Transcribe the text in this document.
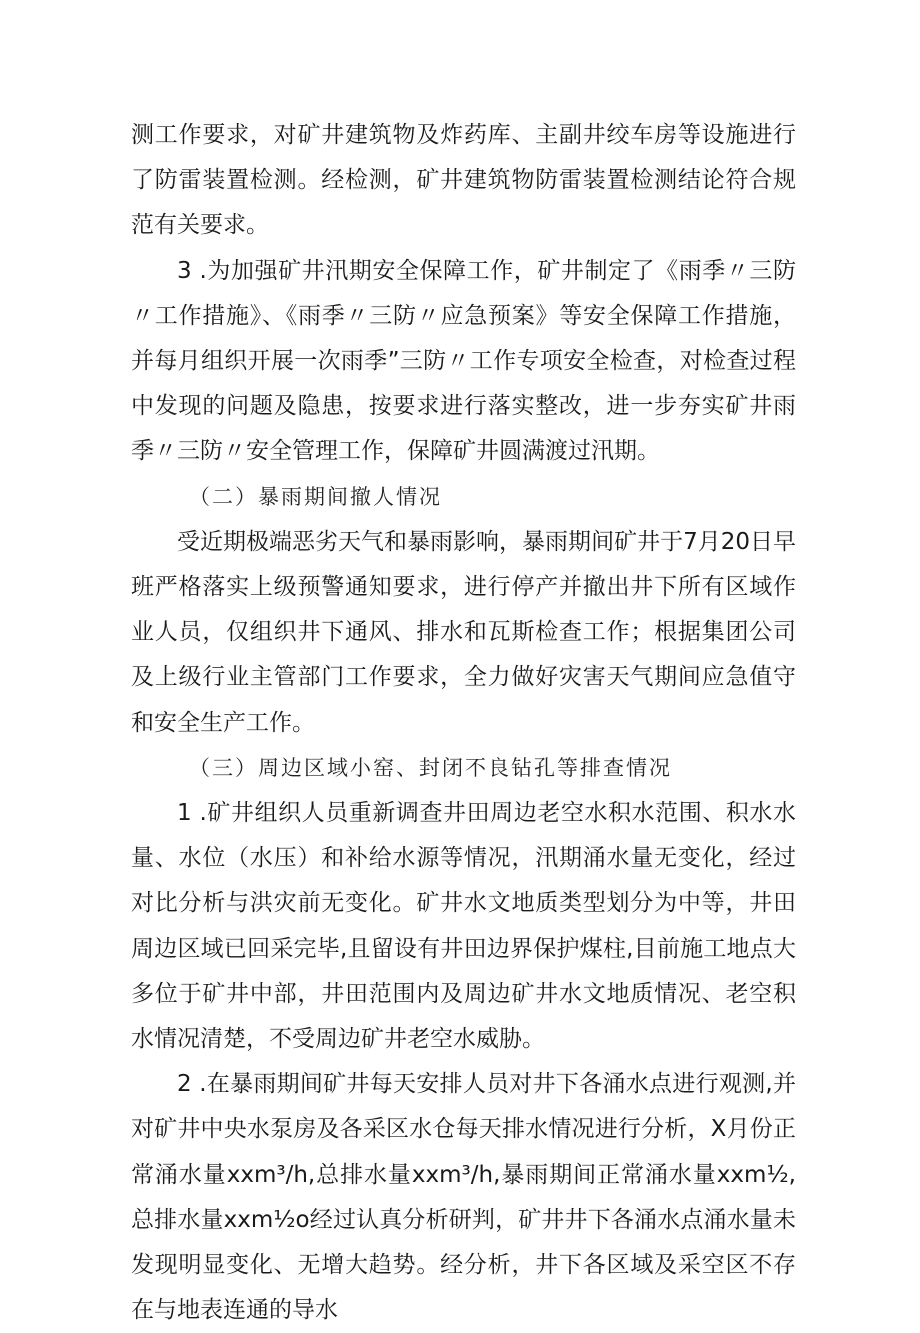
测工作要求，对矿井建筑物及炸药库、主副井绞车房等设施进行了防雷装置检测。经检测，矿井建筑物防雷装置检测结论符合规范有关要求。

3 .为加强矿井汛期安全保障工作，矿井制定了《雨季〃三防〃工作措施》、《雨季〃三防〃应急预案》等安全保障工作措施，并每月组织开展一次雨季”三防〃工作专项安全检查，对检查过程中发现的问题及隐患，按要求进行落实整改，进一步夯实矿井雨季〃三防〃安全管理工作，保障矿井圆满渡过汛期。

（二）暴雨期间撤人情况

受近期极端恶劣天气和暴雨影响，暴雨期间矿井于7月20日早班严格落实上级预警通知要求，进行停产并撤出井下所有区域作业人员，仅组织井下通风、排水和瓦斯检查工作；根据集团公司及上级行业主管部门工作要求，全力做好灾害天气期间应急值守和安全生产工作。

（三）周边区域小窑、封闭不良钻孔等排查情况

1 .矿井组织人员重新调查井田周边老空水积水范围、积水水量、水位（水压）和补给水源等情况，汛期涌水量无变化，经过对比分析与洪灾前无变化。矿井水文地质类型划分为中等，井田周边区域已回采完毕,且留设有井田边界保护煤柱,目前施工地点大多位于矿井中部，井田范围内及周边矿井水文地质情况、老空积水情况清楚，不受周边矿井老空水威胁。

2 .在暴雨期间矿井每天安排人员对井下各涌水点进行观测,并对矿井中央水泵房及各采区水仓每天排水情况进行分析，X月份正常涌水量xxm³/h,总排水量xxm³/h,暴雨期间正常涌水量xxm½,总排水量xxm½o经过认真分析研判，矿井井下各涌水点涌水量未发现明显变化、无增大趋势。经分析，井下各区域及采空区不存在与地表连通的导水
